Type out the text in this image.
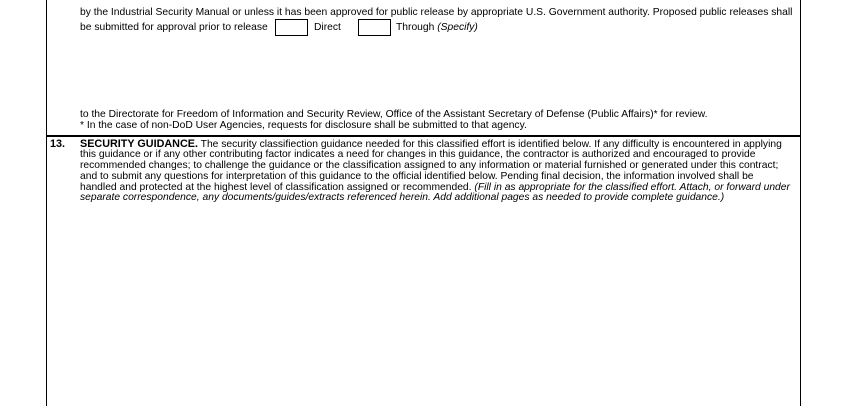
by the Industrial Security Manual or unless it has been approved for public release by appropriate U.S. Government authority. Proposed public releases shall
be submitted for approval prior to release	Direct	Through (Specify)
to the Directorate for Freedom of Information and Security Review, Office of the Assistant Secretary of Defense (Public Affairs)* for review.
* In the case of non-DoD User Agencies, requests for disclosure shall be submitted to that agency.
13. SECURITY GUIDANCE. The security classifiection guidance needed for this classified effort is identified below. If any difficulty is encountered in applying
this guidance or if any other contributing factor indicates a need for changes in this guidance, the contractor is authorized and encouraged to provide
recommended changes; to challenge the guidance or the classification assigned to any information or material furnished or generated under this contract;
and to submit any questions for interpretation of this guidance to the official identified below. Pending final decision, the information involved shall be
handled and protected at the highest level of classification assigned or recommended. (Fill in as appropriate for the classified effort. Attach, or forward under
separate correspondence, any documents/guides/extracts referenced herein. Add additional pages as needed to provide complete guidance.)
